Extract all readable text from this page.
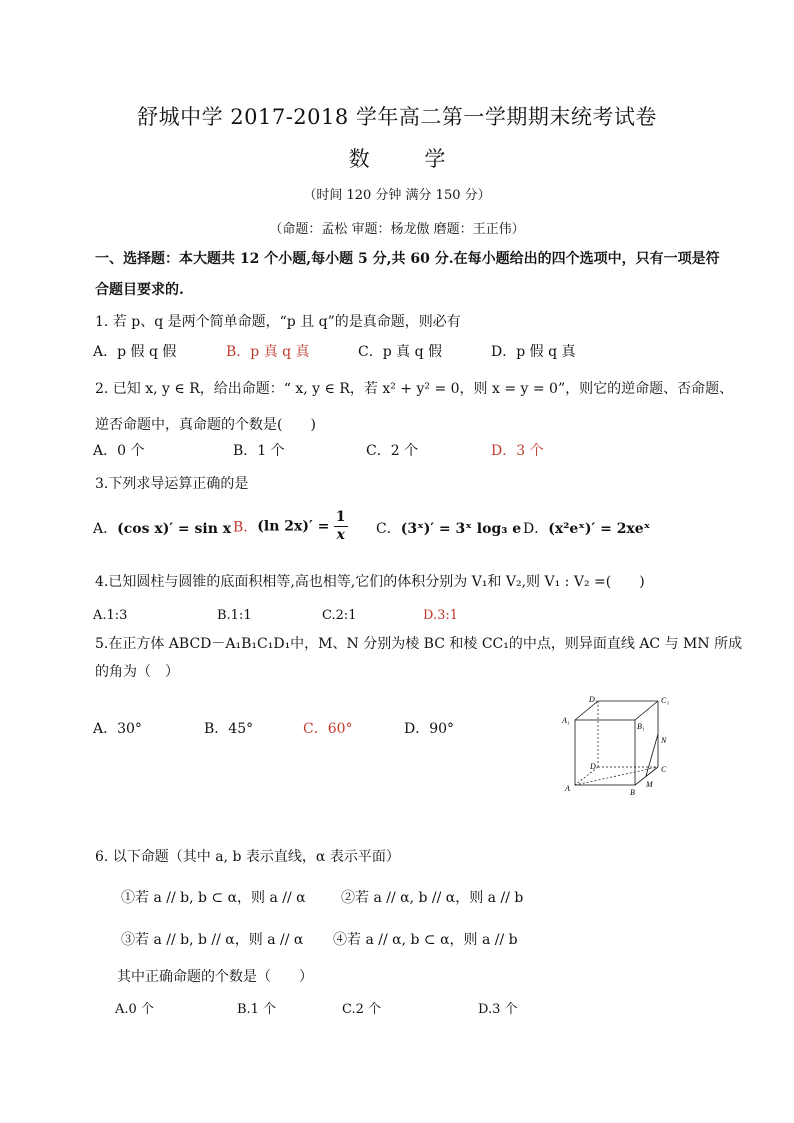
舒城中学 2017-2018 学年高二第一学期期末统考试卷
数 学
（时间 120 分钟 满分 150 分）
（命题：孟松 审题：杨龙傲 磨题：王正伟）
一、选择题：本大题共 12 个小题,每小题 5 分,共 60 分.在每小题给出的四个选项中，只有一项是符
合题目要求的.
1. 若 p、q 是两个简单命题，“p 且 q”的是真命题，则必有
A．p 假 q 假	B．p 真 q 真	C．p 真 q 假	D．p 假 q 真
2. 已知 x, y ∈ R，给出命题：“ x, y ∈ R，若 x² + y² = 0，则 x = y = 0”，则它的逆命题、否命题、
逆否命题中，真命题的个数是(　　)
A．0 个	B．1 个	C．2 个	D．3 个
3.下列求导运算正确的是
A．(cos x)′ = sin x B．(ln $2x)' = \frac{1}{x}$ C．(3ˣ)′ = 3ˣ log₃ e D．(x²eˣ)′ = 2xeˣ
4.已知圆柱与圆锥的底面积相等,高也相等,它们的体积分别为 V₁和 V₂,则 V₁ : V₂ =(　　)
A.1:3	B.1:1	C.2:1	D.3:1
5.在正方体 ABCD－A₁B₁C₁D₁中，M、N 分别为棱 BC 和棱 CC₁的中点，则异面直线 AC 与 MN 所成
的角为（　）
A．30°	B．45°	C．60°	D．90°
D₁	C₁
A₁
B₁
N
D	C
A	B
M
6. 以下命题（其中 a, b 表示直线，α 表示平面）
①若 a // b, b ⊂ α，则 a // α	②若 a // α, b // α，则 a // b
③若 a // b, b // α，则 a // α ④若 a // α, b ⊂ α，则 a // b
其中正确命题的个数是（　　）
A.0 个	B.1 个	C.2 个	D.3 个
